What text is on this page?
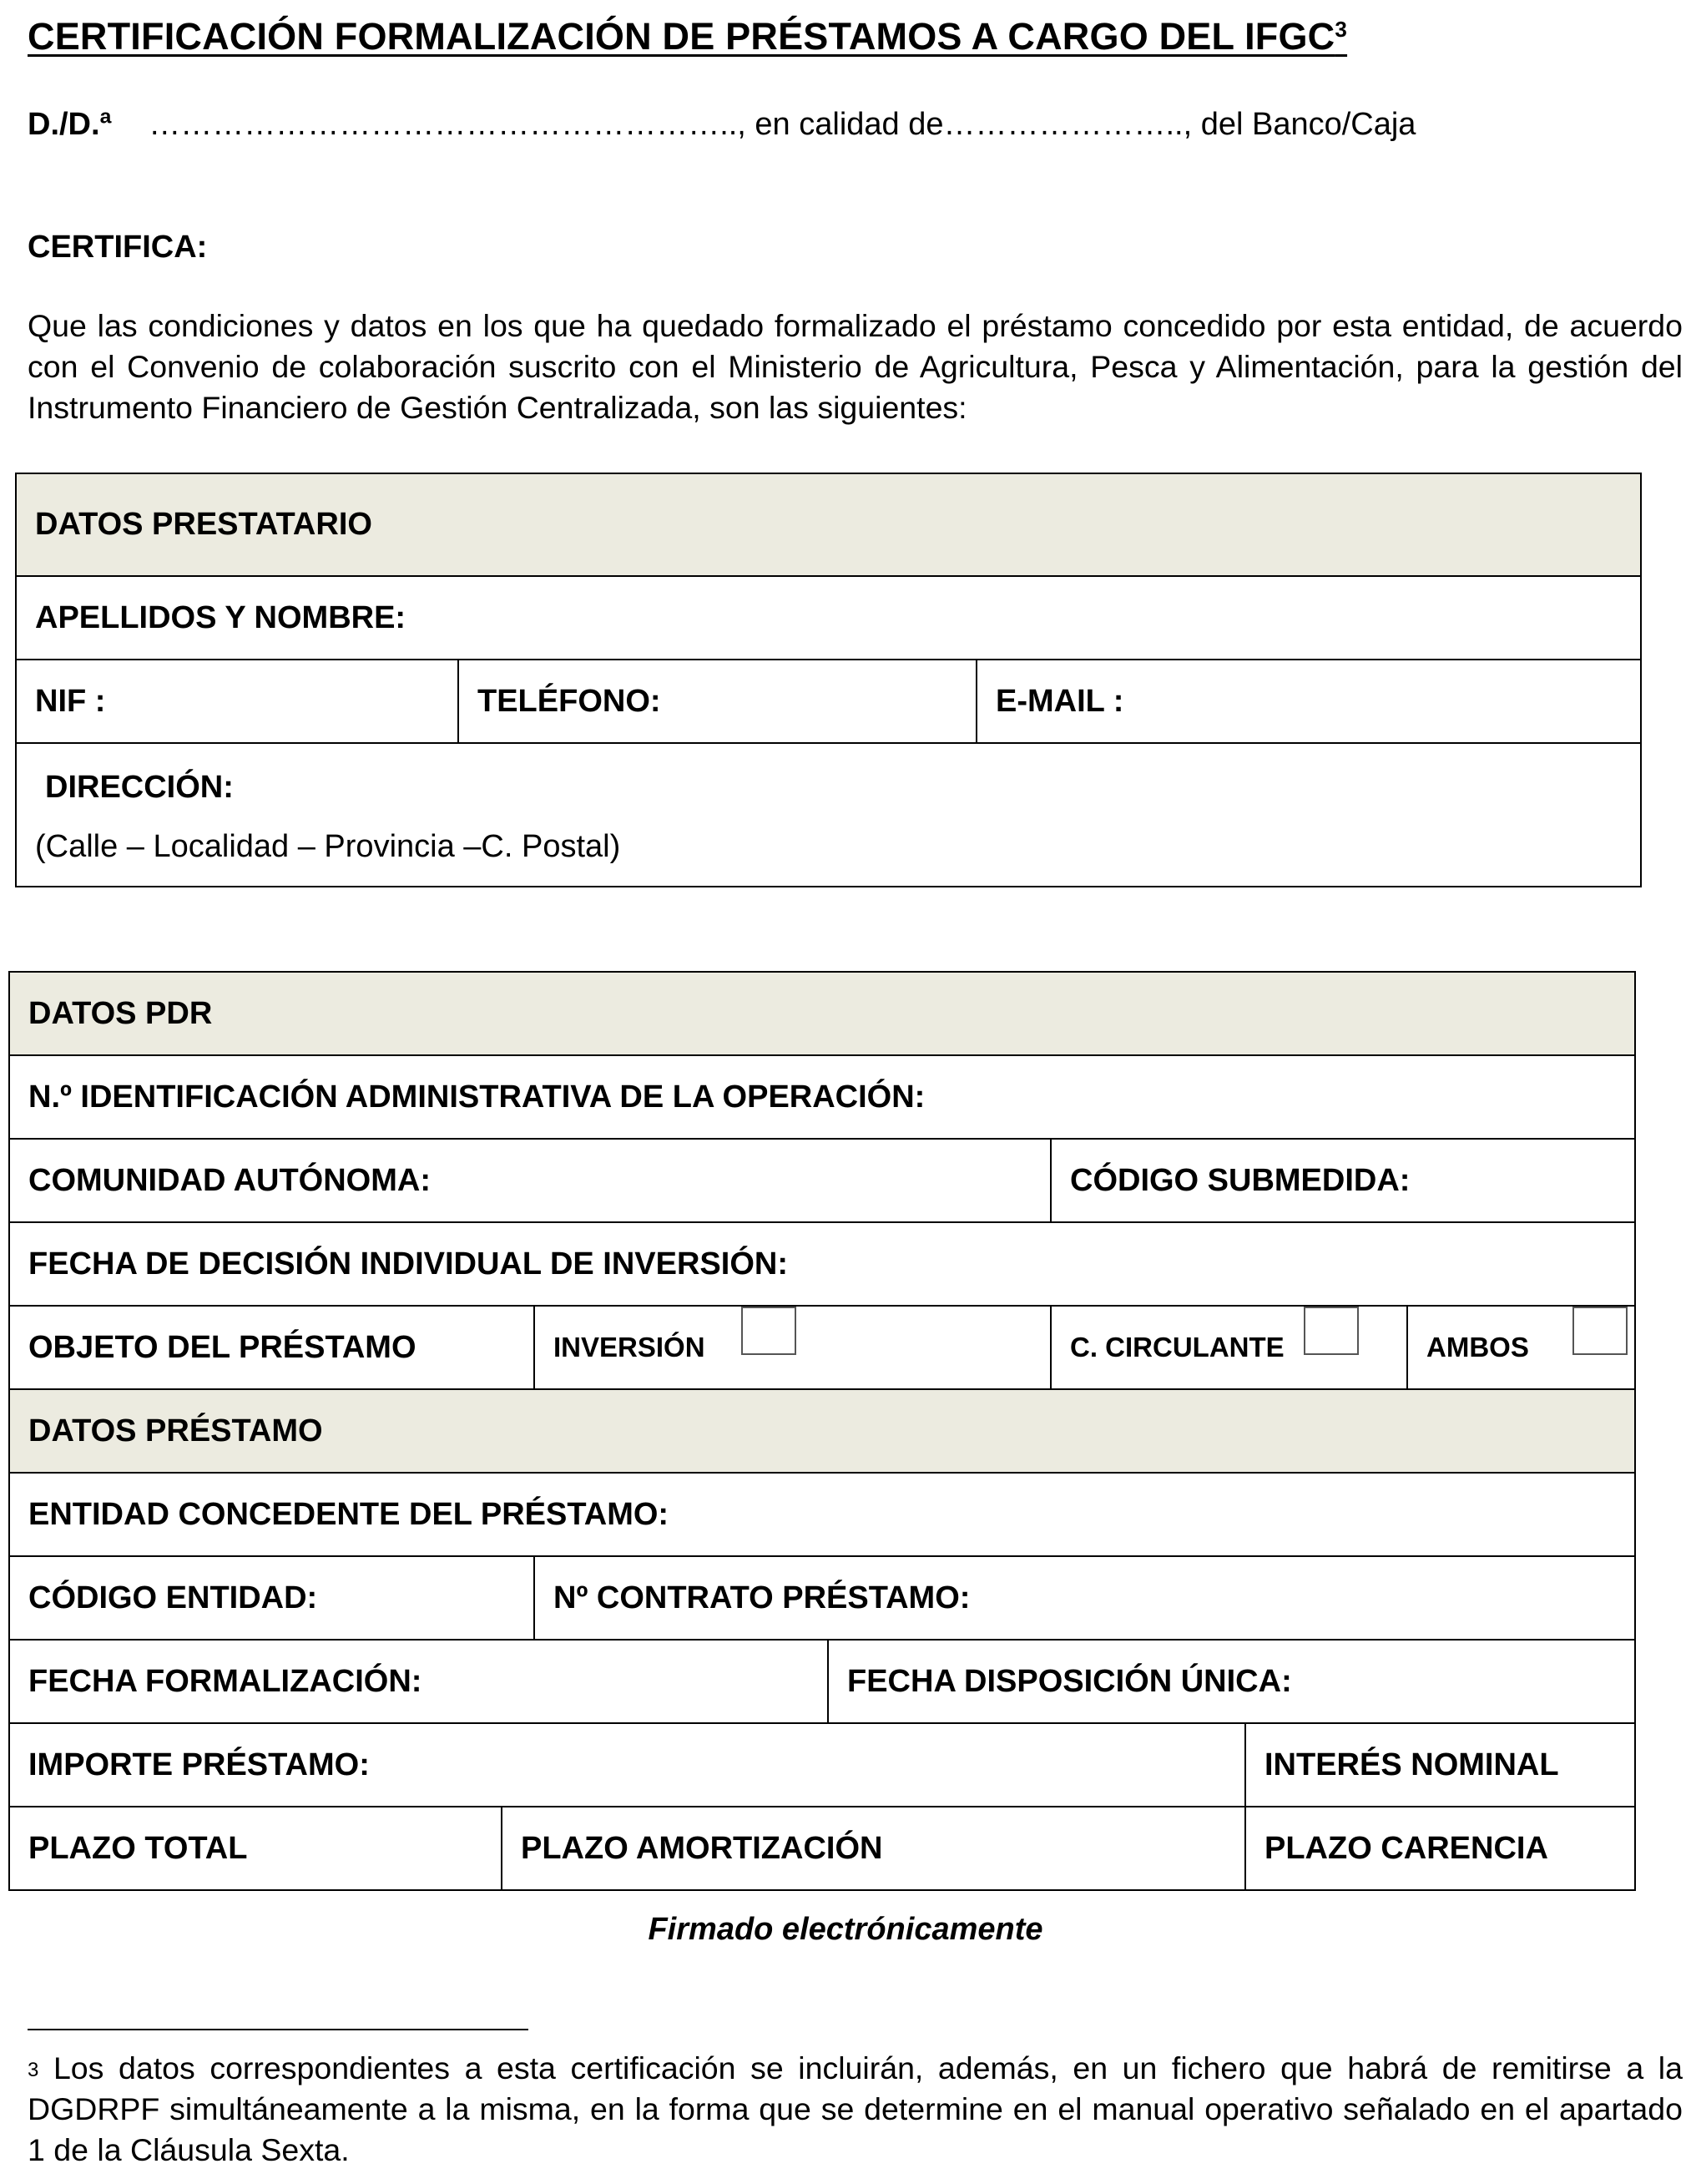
CERTIFICACIÓN FORMALIZACIÓN DE PRÉSTAMOS A CARGO DEL IFGC$^3$
D./D.ª ……………………………………………….., en calidad de………………….., del Banco/Caja
CERTIFICA:
Que las condiciones y datos en los que ha quedado formalizado el préstamo concedido por esta entidad, de acuerdo con el Convenio de colaboración suscrito con el Ministerio de Agricultura, Pesca y Alimentación, para la gestión del Instrumento Financiero de Gestión Centralizada, son las siguientes:
DATOS PRESTATARIO
APELLIDOS Y NOMBRE:
NIF :	TELÉFONO:	E-MAIL :

DIRECCIÓN:
(Calle – Localidad – Provincia –C. Postal)
DATOS PDR						
N.º IDENTIFICACIÓN ADMINISTRATIVA DE LA OPERACIÓN:						
COMUNIDAD AUTÓNOMA:				CÓDIGO SUBMEDIDA:		
FECHA DE DECISIÓN INDIVIDUAL DE INVERSIÓN:						
OBJETO DEL PRÉSTAMO		INVERSIÓN		C. CIRCULANTE		AMBOS

DATOS PRÉSTAMO						
ENTIDAD CONCEDENTE DEL PRÉSTAMO:						
CÓDIGO ENTIDAD:		Nº CONTRATO PRÉSTAMO:				
FECHA FORMALIZACIÓN:			FECHA DISPOSICIÓN ÚNICA:			
IMPORTE PRÉSTAMO:					INTERÉS NOMINAL	
PLAZO TOTAL	PLAZO AMORTIZACIÓN				PLAZO CARENCIA	
Firmado electrónicamente
$^3$ Los datos correspondientes a esta certificación se incluirán, además, en un fichero que habrá de remitirse a la DGDRPF simultáneamente a la misma, en la forma que se determine en el manual operativo señalado en el apartado 1 de la Cláusula Sexta.
